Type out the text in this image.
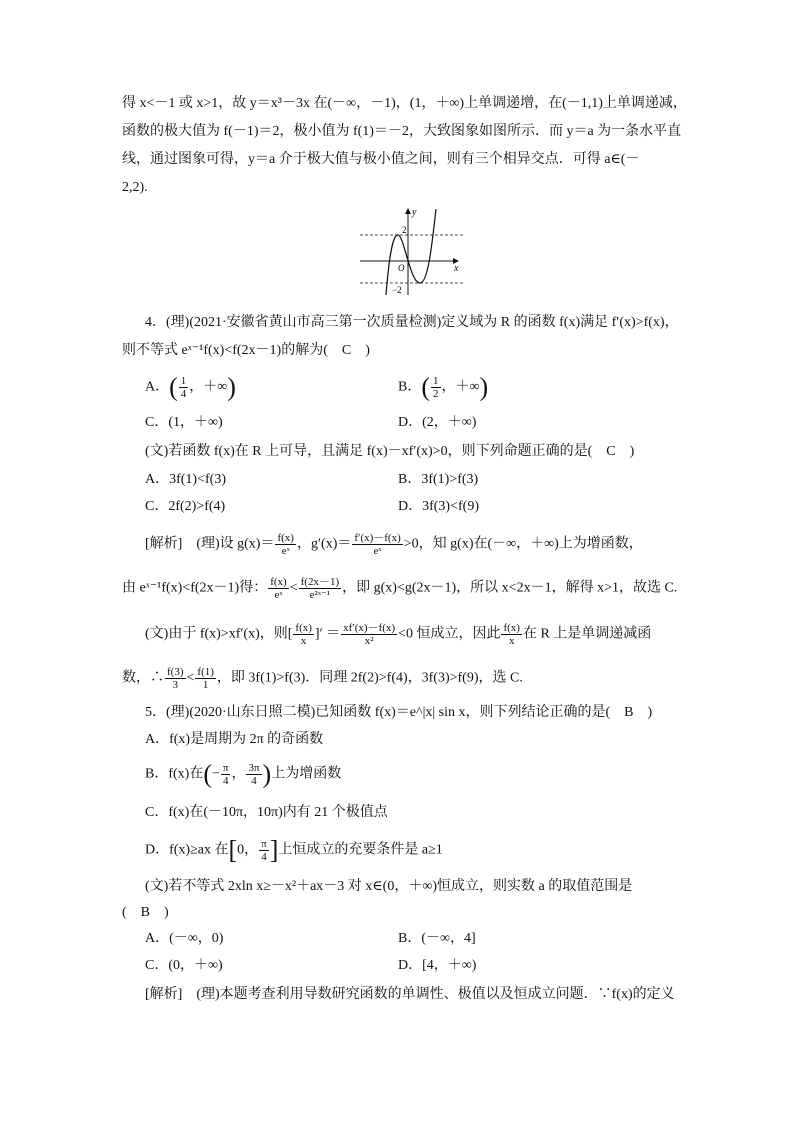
得 x<－1 或 x>1，故 y＝x³－3x 在(－∞，－1)，(1，＋∞)上单调递增，在(－1,1)上单调递减，
函数的极大值为 f(－1)＝2，极小值为 f(1)＝－2，大致图象如图所示．而 y＝a 为一条水平直
线，通过图象可得，y＝a 介于极大值与极小值之间，则有三个相异交点．可得 a∈(－
2,2).
y
x
O
2
−2
4．(理)(2021·安徽省黄山市高三第一次质量检测)定义域为 R 的函数 f(x)满足 f′(x)>f(x)，
则不等式 eˣ⁻¹f(x)<f(2x－1)的解为(　C　)
A．( $\frac{1}{4}$ ，＋∞)	B．( $\frac{1}{2}$ ，＋∞)
C．(1，＋∞)	D．(2，＋∞)
(文)若函数 f(x)在 R 上可导，且满足 f(x)－xf′(x)>0，则下列命题正确的是(　C　)
A．3f(1)<f(3)	B．3f(1)>f(3)
C．2f(2)>f(4)	D．3f(3)<f(9)
[解析]　(理)设 $g(x)= \frac{f(x)}{\text{eˣ}}$ ，$g'(x)= \frac{f'(x)-f(x)}{\text{eˣ}} >0$，知 g(x)在(－∞，＋∞)上为增函数，
由 eˣ⁻¹f(x)<f(2x－1)得： $\frac{f(x)}{\text{eˣ}} < \frac{f(2x-1)}{\text{e²ˣ⁻¹}}$ ，即 g(x)<g(2x－1)，所以 x<2x－1，解得 x>1，故选 C.
(文)由于 f(x)>xf′(x)，则[ $\frac{f(x)}{x}$ ]′ ＝ $\frac{xf'(x)-f(x)}{\text{x²}} <0$ 恒成立，因此 $\frac{f(x)}{x}$ 在 R 上是单调递减函
数，∴ $\frac{f(3)}{3} < \frac{f(1)}{1}$ ，即 3f(1)>f(3)．同理 2f(2)>f(4)，3f(3)>f(9)，选 C.
5．(理)(2020·山东日照二模)已知函数 f(x)＝e^|x| sin x，则下列结论正确的是(　B　)
A．f(x)是周期为 2π 的奇函数
B．f(x)在(− $\frac{\pi}{4}$ ， $\frac{3\pi}{4}$ )上为增函数
C．f(x)在(－10π，10π)内有 21 个极值点
D．f(x)≥ax 在[0， $\frac{\pi}{4}$ ]上恒成立的充要条件是 a≥1
(文)若不等式 2xln x≥－x²＋ax－3 对 x∈(0，＋∞)恒成立，则实数 a 的取值范围是
(　B　)
A．(－∞，0)	B．(－∞，4]
C．(0，＋∞)	D．[4，＋∞)
[解析]　(理)本题考查利用导数研究函数的单调性、极值以及恒成立问题．∵f(x)的定义
